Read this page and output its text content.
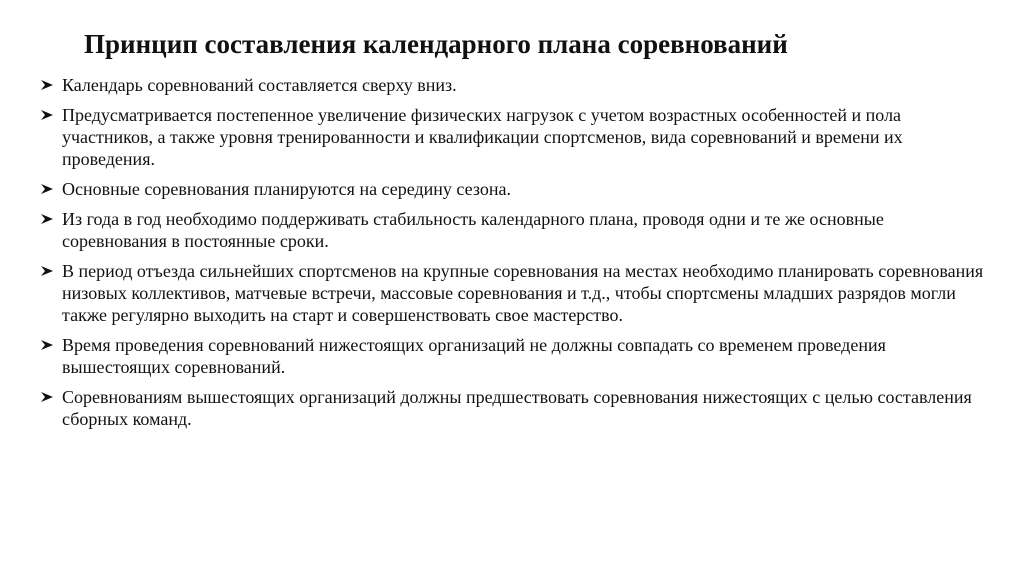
Принцип составления календарного плана соревнований
Календарь соревнований составляется сверху вниз.
Предусматривается постепенное увеличение физических нагрузок с учетом возрастных особенностей и пола участников, а также уровня тренированности и квалификации спортсменов, вида соревнований и времени их проведения.
Основные соревнования планируются на середину сезона.
Из года в год необходимо поддерживать стабильность календарного плана, проводя одни и те же основные соревнования в постоянные сроки.
В период отъезда сильнейших спортсменов на крупные соревнования на местах необходимо планировать соревнования низовых коллективов, матчевые встречи, массовые соревнования и т.д., чтобы спортсмены младших разрядов могли также регулярно выходить на старт и совершенствовать свое мастерство.
Время проведения соревнований нижестоящих организаций не должны совпадать со временем проведения вышестоящих соревнований.
Соревнованиям вышестоящих организаций должны предшествовать соревнования нижестоящих с целью составления сборных команд.
